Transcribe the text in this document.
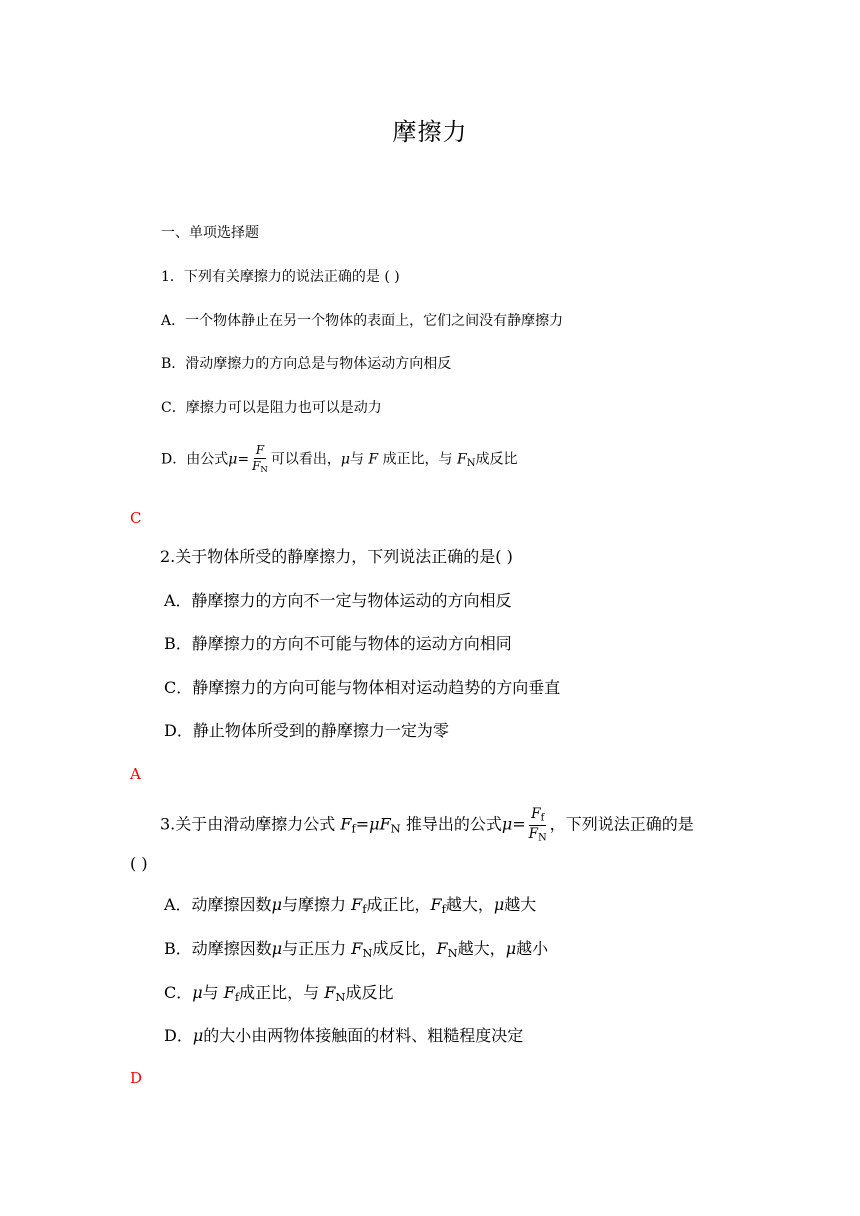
摩擦力
一、单项选择题
1．下列有关摩擦力的说法正确的是 ( )
A．一个物体静止在另一个物体的表面上，它们之间没有静摩擦力
B．滑动摩擦力的方向总是与物体运动方向相反
C．摩擦力可以是阻力也可以是动力
D．由公式$\mu= \frac{F}{F_N}$ 可以看出，μ与 F 成正比，与 $F_N$成反比
C
2.关于物体所受的静摩擦力，下列说法正确的是( )
A．静摩擦力的方向不一定与物体运动的方向相反
B．静摩擦力的方向不可能与物体的运动方向相同
C．静摩擦力的方向可能与物体相对运动趋势的方向垂直
D．静止物体所受到的静摩擦力一定为零
A
3.关于由滑动摩擦力公式 $F_f=\mu F_N$ 推导出的公式$\mu= \frac{F_f}{F_N}$ ，下列说法正确的是
( )
A．动摩擦因数μ与摩擦力 $F_f$成正比，$F_f$越大，μ越大
B．动摩擦因数μ与正压力 $F_N$成反比，$F_N$越大，μ越小
C．μ与 $F_f$成正比，与 $F_N$成反比
D．μ的大小由两物体接触面的材料、粗糙程度决定
D
